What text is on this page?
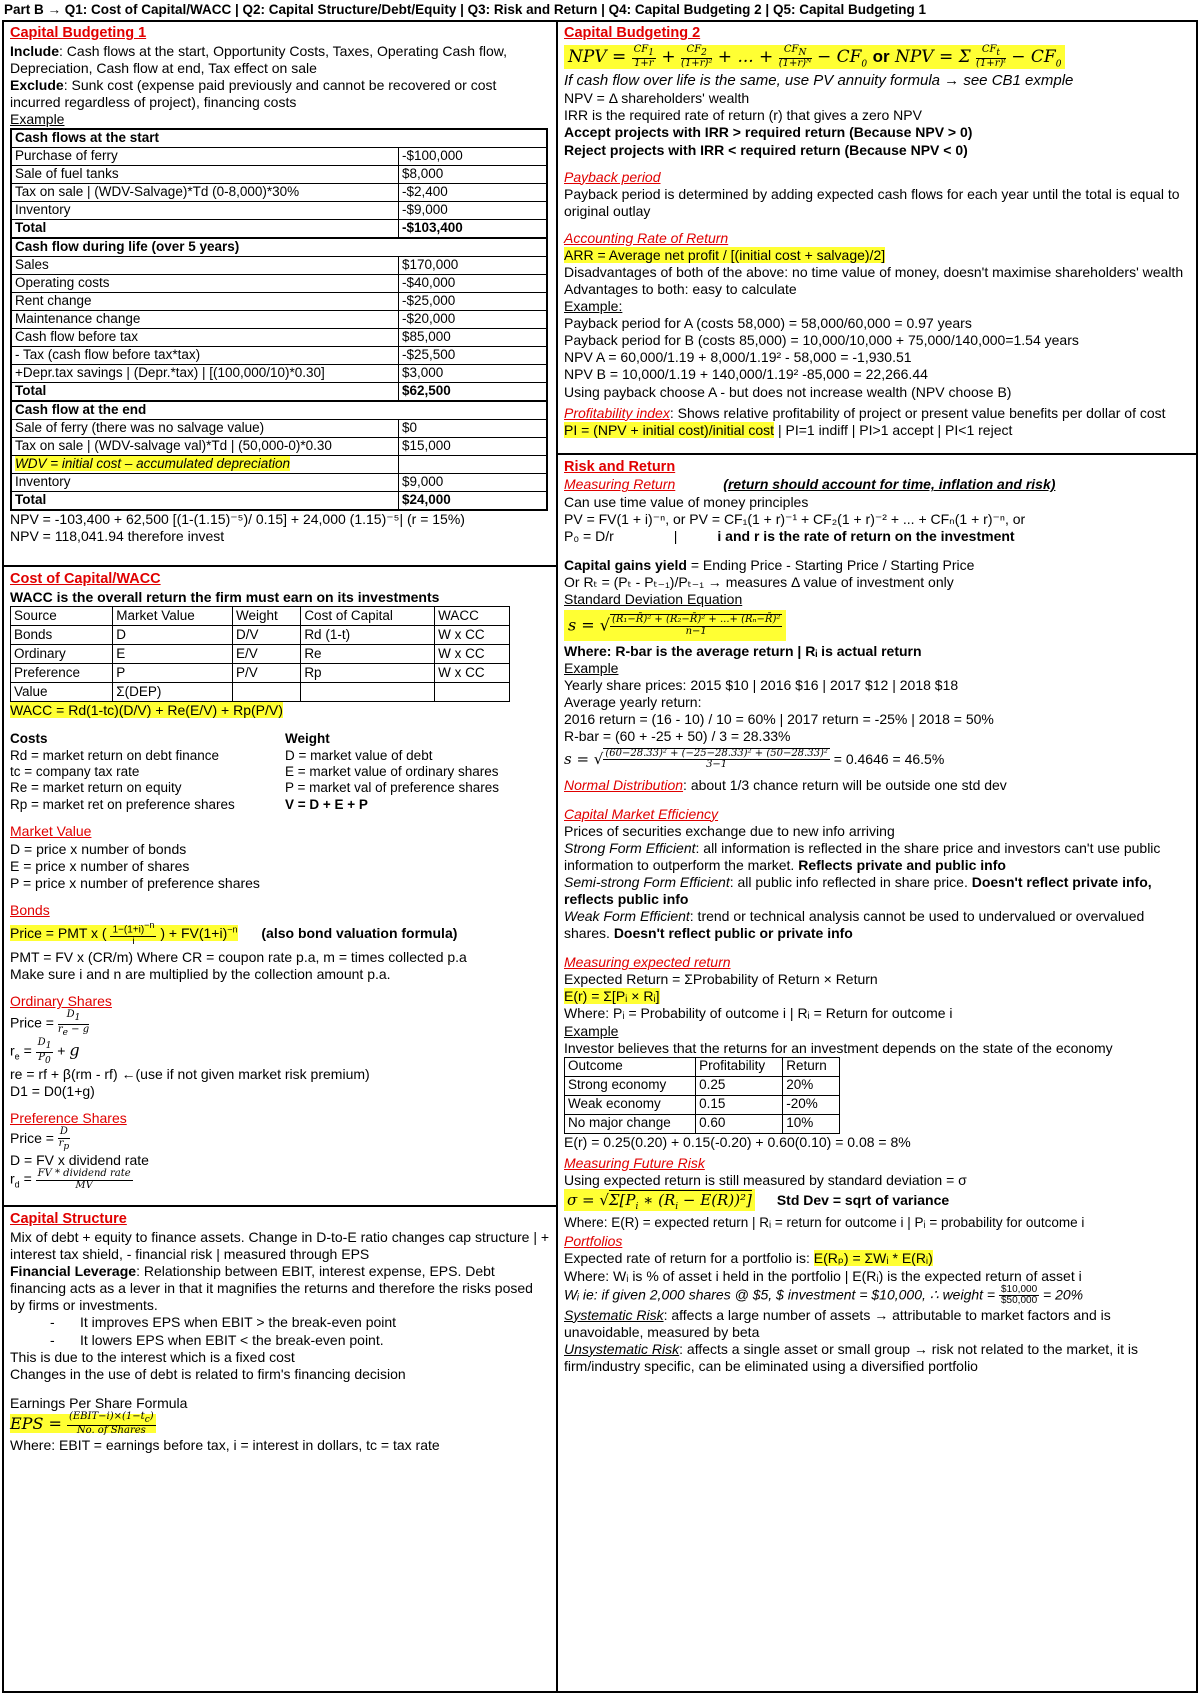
Part B → Q1: Cost of Capital/WACC | Q2: Capital Structure/Debt/Equity | Q3: Risk and Return | Q4: Capital Budgeting 2 | Q5: Capital Budgeting 1
Capital Budgeting 1
Include: Cash flows at the start, Opportunity Costs, Taxes, Operating Cash flow, Depreciation, Cash flow at end, Tax effect on sale
Exclude: Sunk cost (expense paid previously and cannot be recovered or cost incurred regardless of project), financing costs
Example
Cash flows at the start	
Purchase of ferry	-$100,000
Sale of fuel tanks	$8,000
Tax on sale | (WDV-Salvage)*Td (0-8,000)*30%	-$2,400
Inventory	-$9,000
Total	-$103,400
Cash flow during life (over 5 years)	
Sales	$170,000
Operating costs	-$40,000
Rent change	-$25,000
Maintenance change	-$20,000
Cash flow before tax	$85,000
- Tax (cash flow before tax*tax)	-$25,500
+Depr.tax savings | (Depr.*tax) | [(100,000/10)*0.30]	$3,000
Total	$62,500
Cash flow at the end	
Sale of ferry (there was no salvage value)	$0
Tax on sale | (WDV-salvage val)*Td | (50,000-0)*0.30	$15,000
WDV = initial cost – accumulated depreciation	
Inventory	$9,000
Total	$24,000
NPV = -103,400 + 62,500 [(1-(1.15)⁻⁵)/ 0.15] + 24,000 (1.15)⁻⁵| (r = 15%)
NPV = 118,041.94 therefore invest
Cost of Capital/WACC
WACC is the overall return the firm must earn on its investments
Source	Market Value	Weight	Cost of Capital	WACC
Bonds	D	D/V	Rd (1-t)	W x CC
Ordinary	E	E/V	Re	W x CC
Preference	P	P/V	Rp	W x CC
Value	Σ(DEP)			
WACC = Rd(1-tc)(D/V) + Re(E/V) + Rp(P/V)
Costs
Rd = market return on debt finance
tc = company tax rate
Re = market return on equity
Rp = market ret on preference shares
Weight
D = market value of debt
E = market value of ordinary shares
P = market val of preference shares
V = D + E + P
Market Value
D = price x number of bonds
E = price x number of shares
P = price x number of preference shares
Bonds
Price = PMT x ( $\frac{1-(1+i)^{-n}}{i}$ ) + $FV(1+i)^{-n}$ (also bond valuation formula)
PMT = FV x (CR/m) Where CR = coupon rate p.a, m = times collected p.a
Make sure i and n are multiplied by the collection amount p.a.
Ordinary Shares
Price = $\frac{D_1}{r_e - g}$
$r_e = \frac{D_1}{P_0} + g$
re = rf + β(rm - rf) ←(use if not given market risk premium)
D1 = D0(1+g)
Preference Shares
Price = $\frac{D}{r_p}$
D = FV x dividend rate
$r_d = \frac{\text{FV * dividend rate}}{MV}$
Capital Structure
Mix of debt + equity to finance assets. Change in D-to-E ratio changes cap structure | + interest tax shield, - financial risk | measured through EPS
Financial Leverage: Relationship between EBIT, interest expense, EPS. Debt financing acts as a lever in that it magnifies the returns and therefore the risks posed by firms or investments.
- It improves EPS when EBIT > the break-even point
- It lowers EPS when EBIT < the break-even point.
This is due to the interest which is a fixed cost
Changes in the use of debt is related to firm's financing decision
Earnings Per Share Formula
EPS = $\frac{(EBIT-i)\times(1-t_c)}{\text{No. of Shares}}$
Where: EBIT = earnings before tax, i = interest in dollars, tc = tax rate
Capital Budgeting 2
NPV = $\frac{CF_1}{1+r} + \frac{CF_2}{\text{(1+r)²}}$ + ... + $\frac{CF_N}{\text{(1+r)ᴺ}} - CF_0$ or NPV = Σ $\frac{CF_t}{\text{(1+r)ᵗ}} - CF_0$
If cash flow over life is the same, use PV annuity formula → see CB1 exmple
NPV = Δ shareholders' wealth
IRR is the required rate of return (r) that gives a zero NPV
Accept projects with IRR > required return (Because NPV > 0)
Reject projects with IRR < required return (Because NPV < 0)
Payback period
Payback period is determined by adding expected cash flows for each year until the total is equal to original outlay
Accounting Rate of Return
ARR = Average net profit / [(initial cost + salvage)/2]
Disadvantages of both of the above: no time value of money, doesn't maximise shareholders' wealth
Advantages to both: easy to calculate
Example:
Payback period for A (costs 58,000) = 58,000/60,000 = 0.97 years
Payback period for B (costs 85,000) = 10,000/10,000 + 75,000/140,000=1.54 years
NPV A = 60,000/1.19 + 8,000/1.19² - 58,000 = -1,930.51
NPV B = 10,000/1.19 + 140,000/1.19² -85,000 = 22,266.44
Using payback choose A - but does not increase wealth (NPV choose B)
Profitability index: Shows relative profitability of project or present value benefits per dollar of cost
PI = (NPV + initial cost)/initial cost | PI=1 indiff | PI>1 accept | PI<1 reject
Risk and Return
Measuring Return	(return should account for time, inflation and risk)
Can use time value of money principles
PV = FV(1 + i)⁻ⁿ, or PV = CF₁(1 + r)⁻¹ + CF₂(1 + r)⁻² + ... + CFₙ(1 + r)⁻ⁿ, or
P₀ = D/r	|	i and r is the rate of return on the investment
Capital gains yield = Ending Price - Starting Price / Starting Price
Or Rₜ = (Pₜ - Pₜ₋₁)/Pₜ₋₁ → measures Δ value of investment only
Standard Deviation Equation
s = √ $\frac{\text{(R₁−R̄)² + (R₂−R̄)² + ...+ (Rₙ−R̄)²}}{n-1}$
Where: R-bar is the average return | Rᵢ is actual return
Example
Yearly share prices: 2015 $10 | 2016 $16 | 2017 $12 | 2018 $18
Average yearly return:
2016 return = (16 - 10) / 10 = 60% | 2017 return = -25% | 2018 = 50%
R-bar = (60 + -25 + 50) / 3 = 28.33%
s = √ $\frac{\text{(60−28.33)² + (−25−28.33)² + (50−28.33)²}}{3-1} = 0.4646 = 46.5\%$
Normal Distribution: about 1/3 chance return will be outside one std dev
Capital Market Efficiency
Prices of securities exchange due to new info arriving
Strong Form Efficient: all information is reflected in the share price and investors can't use public information to outperform the market. Reflects private and public info
Semi-strong Form Efficient: all public info reflected in share price. Doesn't reflect private info, reflects public info
Weak Form Efficient: trend or technical analysis cannot be used to undervalued or overvalued shares. Doesn't reflect public or private info
Measuring expected return
Expected Return = ΣProbability of Return × Return
E(r) = Σ[Pᵢ × Rᵢ]
Where: Pᵢ = Probability of outcome i | Rᵢ = Return for outcome i
Example
Investor believes that the returns for an investment depends on the state of the economy
Outcome	Profitability	Return
Strong economy	0.25	20%
Weak economy	0.15	-20%
No major change	0.60	10%
E(r) = 0.25(0.20) + 0.15(-0.20) + 0.60(0.10) = 0.08 = 8%
Measuring Future Risk
Using expected return is still measured by standard deviation = σ
$\sigma = √\Sigma[P_i$ ∗ $(R_i - E(R))^2$] Std Dev = sqrt of variance
Where: E(R) = expected return | Rᵢ = return for outcome i | Pᵢ = probability for outcome i
Portfolios
Expected rate of return for a portfolio is: E(Rₚ) = ΣWᵢ * E(Rᵢ)
Where: Wᵢ is % of asset i held in the portfolio | E(Rᵢ) is the expected return of asset i
Wᵢ ie: if given 2,000 shares @ $5, $ investment = $10,000, ∴ weight = $\frac{\$10,000}{\$50,000} = 20\%$
Systematic Risk: affects a large number of assets → attributable to market factors and is unavoidable, measured by beta
Unsystematic Risk: affects a single asset or small group → risk not related to the market, it is firm/industry specific, can be eliminated using a diversified portfolio
